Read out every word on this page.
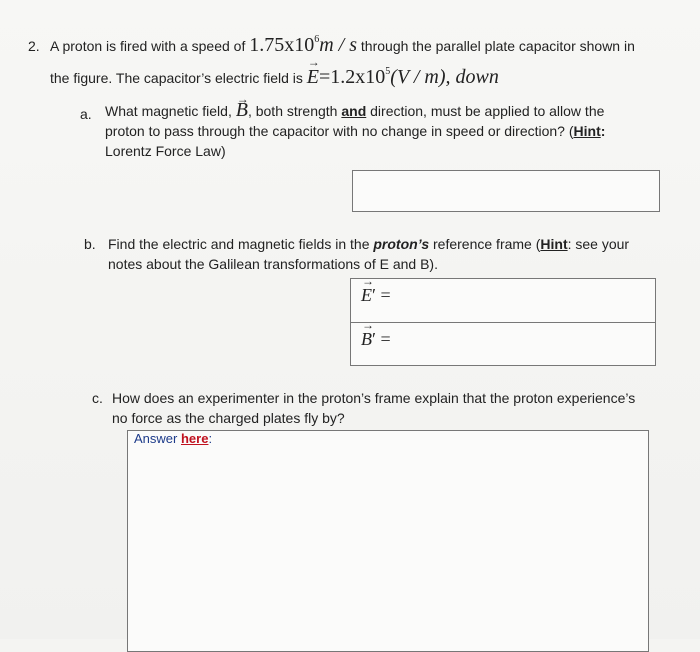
2. A proton is fired with a speed of $1.75x10^6m$ / s through the parallel plate capacitor shown in
the figure. The capacitor’s electric field is → $E=1.2x10^5(V / m)$, down
a. What magnetic field, → B, both strength and direction, must be applied to allow the
proton to pass through the capacitor with no change in speed or direction? (Hint:
Lorentz Force Law)
b. Find the electric and magnetic fields in the proton’s reference frame (Hint: see your
notes about the Galilean transformations of E and B).
→ E′ =
→ B′ =
c. How does an experimenter in the proton’s frame explain that the proton experience’s
no force as the charged plates fly by?
Answer here:
